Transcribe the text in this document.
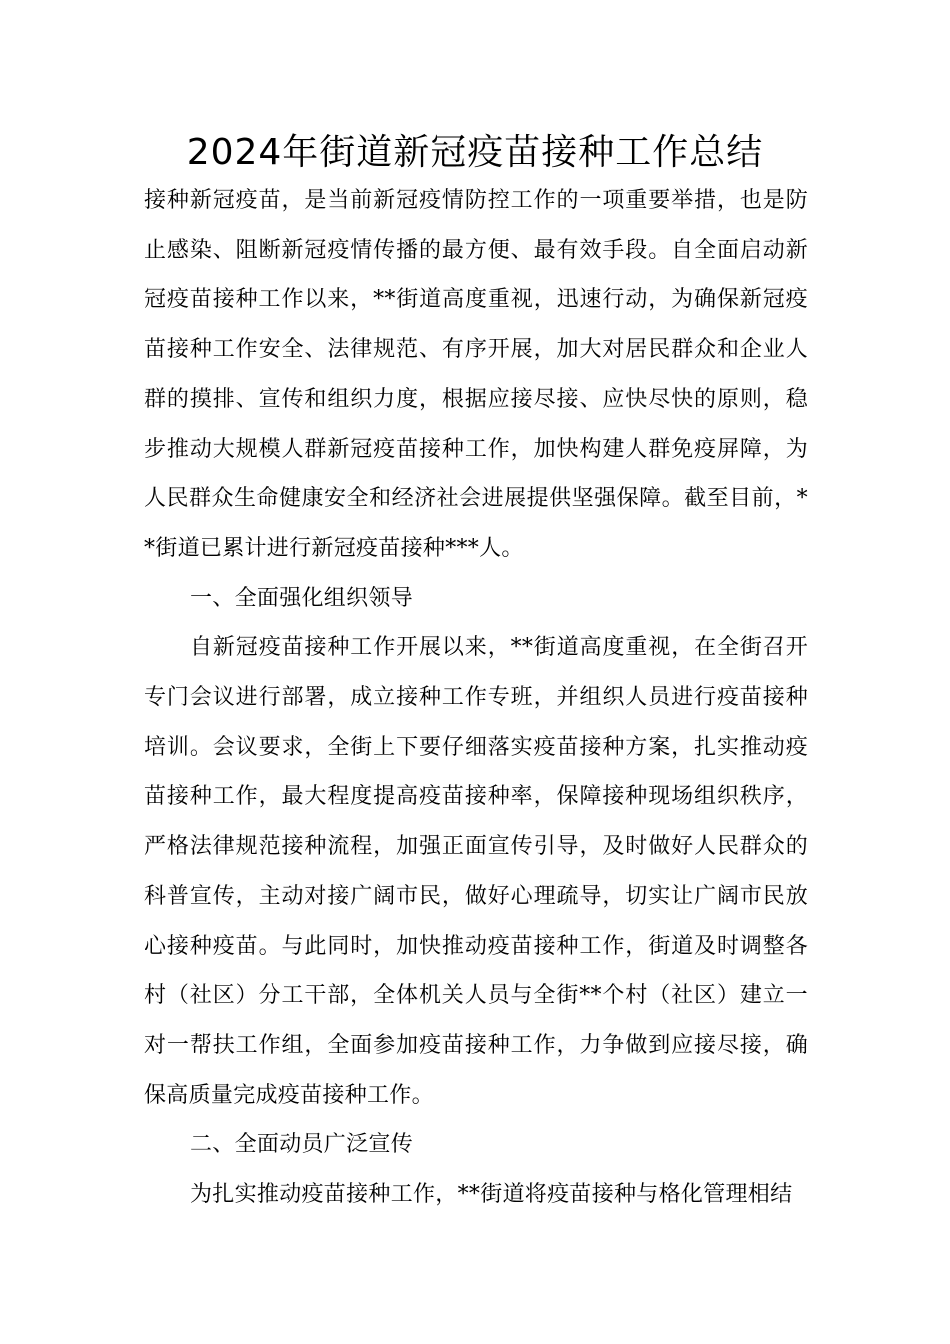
2024年街道新冠疫苗接种工作总结

接种新冠疫苗，是当前新冠疫情防控工作的一项重要举措，也是防止感染、阻断新冠疫情传播的最方便、最有效手段。自全面启动新冠疫苗接种工作以来，**街道高度重视，迅速行动，为确保新冠疫苗接种工作安全、法律规范、有序开展，加大对居民群众和企业人群的摸排、宣传和组织力度，根据应接尽接、应快尽快的原则，稳步推动大规模人群新冠疫苗接种工作，加快构建人群免疫屏障，为人民群众生命健康安全和经济社会进展提供坚强保障。截至目前，**街道已累计进行新冠疫苗接种***人。

一、全面强化组织领导

自新冠疫苗接种工作开展以来，**街道高度重视，在全街召开专门会议进行部署，成立接种工作专班，并组织人员进行疫苗接种培训。会议要求，全街上下要仔细落实疫苗接种方案，扎实推动疫苗接种工作，最大程度提高疫苗接种率，保障接种现场组织秩序，严格法律规范接种流程，加强正面宣传引导，及时做好人民群众的科普宣传，主动对接广阔市民，做好心理疏导，切实让广阔市民放心接种疫苗。与此同时，加快推动疫苗接种工作，街道及时调整各村（社区）分工干部，全体机关人员与全街**个村（社区）建立一对一帮扶工作组，全面参加疫苗接种工作，力争做到应接尽接，确保高质量完成疫苗接种工作。

二、全面动员广泛宣传

为扎实推动疫苗接种工作，**街道将疫苗接种与格化管理相结
